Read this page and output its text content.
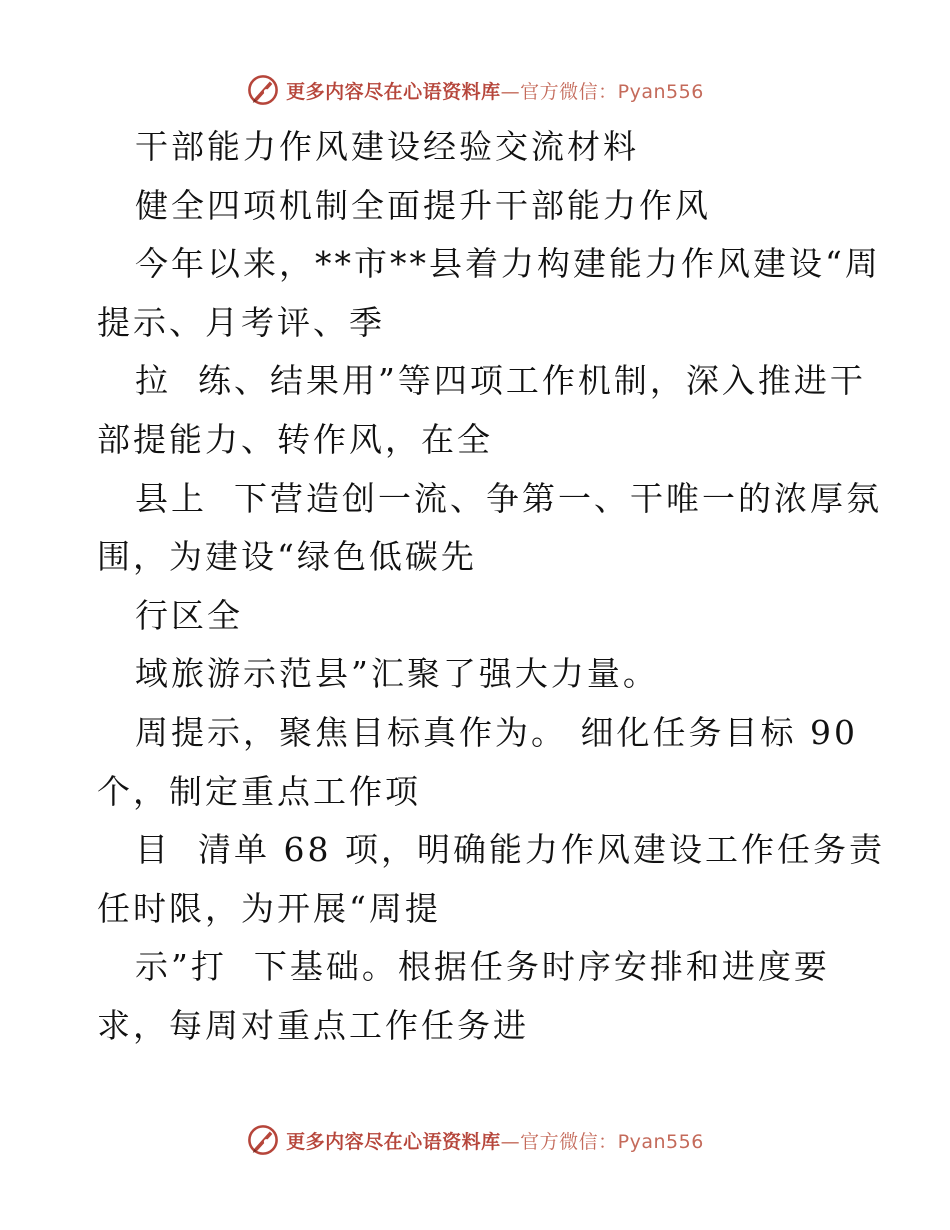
更多内容尽在心语资料库—官方微信：Pyan556
干部能力作风建设经验交流材料
健全四项机制全面提升干部能力作风
今年以来，**市**县着力构建能力作风建设“周
提示、月考评、季
拉  练、结果用”等四项工作机制，深入推进干
部提能力、转作风，在全
县上  下营造创一流、争第一、干唯一的浓厚氛
围，为建设“绿色低碳先
行区全
域旅游示范县”汇聚了强大力量。
周提示，聚焦目标真作为。 细化任务目标 90
个，制定重点工作项
目  清单 68 项，明确能力作风建设工作任务责
任时限，为开展“周提
示”打  下基础。根据任务时序安排和进度要
求，每周对重点工作任务进
更多内容尽在心语资料库—官方微信：Pyan556
